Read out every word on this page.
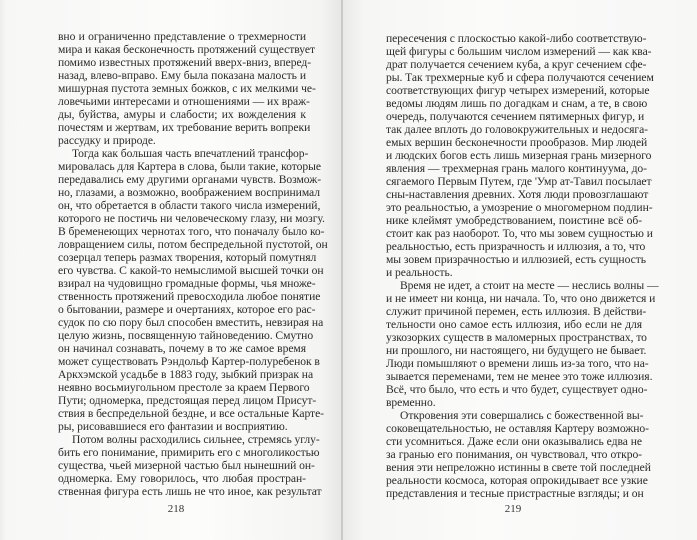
вно и ограниченно представление о трехмерности
мира и какая бесконечность протяжений существует
помимо известных протяжений вверх-вниз, вперед-
назад, влево-вправо. Ему была показана малость и
мишурная пустота земных божков, с их мелкими че-
ловечьими интересами и отношениями — их враж-
ды, буйства, амуры и слабости; их вожделения к
почестям и жертвам, их требование верить вопреки
рассудку и природе.
Тогда как большая часть впечатлений трансфор-
мировалась для Картера в слова, были такие, которые
передавались ему другими органами чувств. Возмож-
но, глазами, а возможно, воображением воспринимал
он, что обретается в области такого числа измерений,
которого не постичь ни человеческому глазу, ни мозгу.
В бременеющих чернотах того, что поначалу было ко-
ловращением силы, потом беспредельной пустотой, он
созерцал теперь размах творения, который помутнял
его чувства. С какой-то немыслимой высшей точки он
взирал на чудовищно громадные формы, чья множе-
ственность протяжений превосходила любое понятие
о бытовании, размере и очертаниях, которое его рас-
судок по сю пору был способен вместить, невзирая на
целую жизнь, посвященную тайноведению. Смутно
он начинал сознавать, почему в то же самое время
может существовать Рэндольф Картер-полуребенок в
Аркхэмской усадьбе в 1883 году, зыбкий призрак на
неявно восьмиугольном престоле за краем Первого
Пути; одномерка, предстоящая перед лицом Присут-
ствия в беспредельной бездне, и все остальные Карте-
ры, рисовавшиеся его фантазии и восприятию.
Потом волны расходились сильнее, стремясь углу-
бить его понимание, примирить его с многоликостью
существа, чьей мизерной частью был нынешний он-
одномерка. Ему говорилось, что любая простран-
ственная фигура есть лишь не что иное, как результат
218
пересечения с плоскостью какой-либо соответствую-
щей фигуры с большим числом измерений — как ква-
драт получается сечением куба, а круг сечением сфе-
ры. Так трехмерные куб и сфера получаются сечением
соответствующих фигур четырех измерений, которые
ведомы людям лишь по догадкам и снам, а те, в свою
очередь, получаются сечением пятимерных фигур, и
так далее вплоть до головокружительных и недосяга-
емых вершин бесконечности прообразов. Мир людей
и людских богов есть лишь мизерная грань мизерного
явления — трехмерная грань малого континуума, до-
сягаемого Первым Путем, где 'Умр ат-Тавил посылает
сны-наставления древних. Хотя люди провозглашают
это реальностью, а умозрение о многомерном подлин-
нике клеймят умобредствованием, поистине всё об-
стоит как раз наоборот. То, что мы зовем сущностью и
реальностью, есть призрачность и иллюзия, а то, что
мы зовем призрачностью и иллюзией, есть сущность
и реальность.
Время не идет, а стоит на месте — неслись волны —
и не имеет ни конца, ни начала. То, что оно движется и
служит причиной перемен, есть иллюзия. В действи-
тельности оно самое есть иллюзия, ибо если не для
узкозорких существ в маломерных пространствах, то
ни прошлого, ни настоящего, ни будущего не бывает.
Люди помышляют о времени лишь из-за того, что на-
зывается переменами, тем не менее это тоже иллюзия.
Всё, что было, что есть и что будет, существует одно-
временно.
Откровения эти совершались с божественной вы-
соковещательностью, не оставляя Картеру возможно-
сти усомниться. Даже если они оказывались едва не
за гранью его понимания, он чувствовал, что откро-
вения эти непреложно истинны в свете той последней
реальности космоса, которая опрокидывает все узкие
представления и тесные пристрастные взгляды; и он
219
